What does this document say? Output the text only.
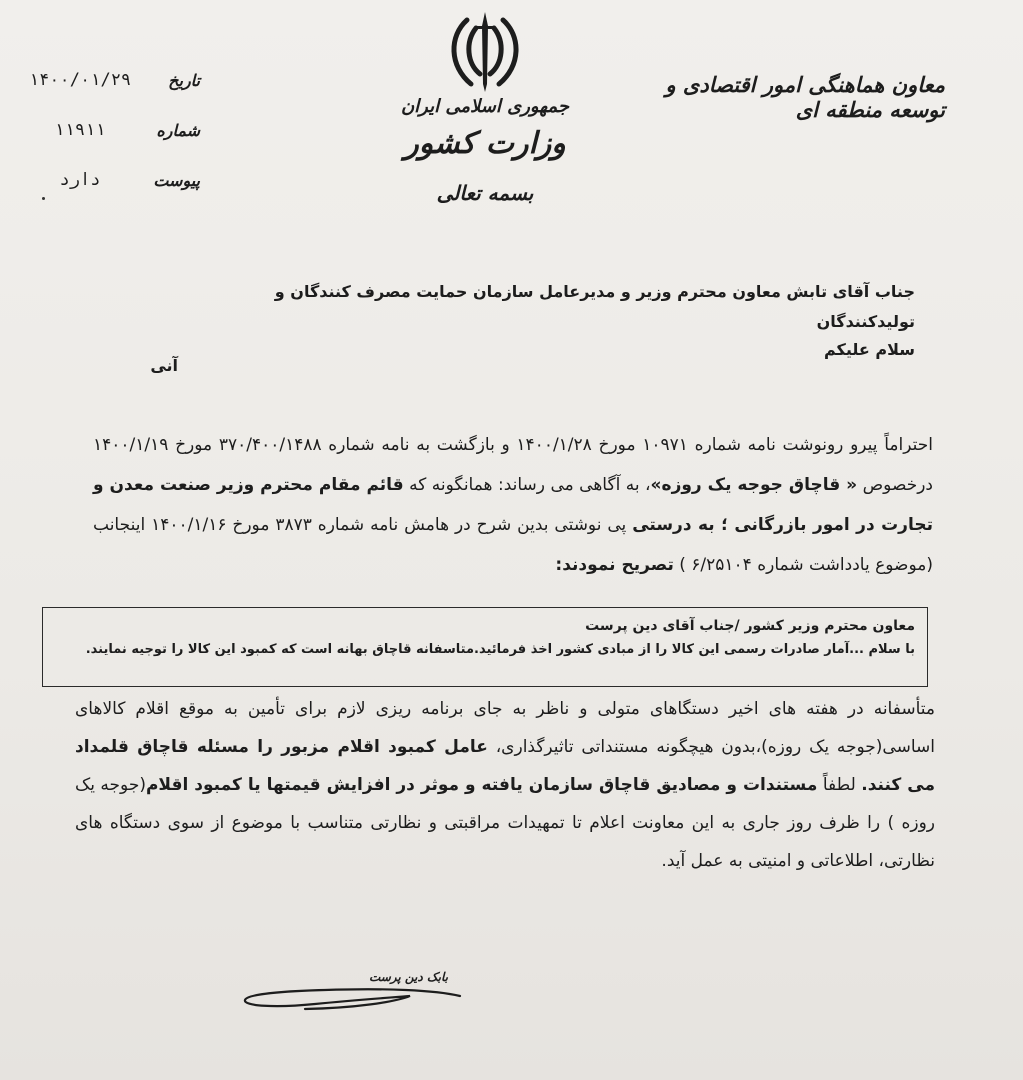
معاون هماهنگی امور اقتصادی و توسعه منطقه ای
جمهوری اسلامی ایران
وزارت کشور
بسمه تعالی
تاریخ
۱۴۰۰/۰۱/۲۹
شماره
۱۱۹۱۱
پیوست
دارد
جناب آقای تابش معاون محترم وزیر و مدیرعامل سازمان حمایت مصرف کنندگان و تولیدکنندگان
سلام علیکم
آنی
احتراماً پیرو رونوشت نامه شماره ۱۰۹۷۱ مورخ ۱۴۰۰/۱/۲۸ و بازگشت به نامه شماره ۳۷۰/۴۰۰/۱۴۸۸ مورخ ۱۴۰۰/۱/۱۹ درخصوص « قاچاق جوجه یک روزه»، به آگاهی می رساند: همانگونه که قائم مقام محترم وزیر صنعت معدن و تجارت در امور بازرگانی ؛ به درستی پی نوشتی بدین شرح در هامش نامه شماره ۳۸۷۳ مورخ ۱۴۰۰/۱/۱۶ اینجانب (موضوع یادداشت شماره ۶/۲۵۱۰۴ ) تصریح نمودند:
معاون محترم وزیر کشور /جناب آقای دین پرست
با سلام ...آمار صادرات رسمی این کالا را از مبادی کشور اخذ فرمائید.متاسفانه قاچاق بهانه است که کمبود این کالا را توجیه نمایند.
متأسفانه در هفته های اخیر دستگاهای متولی و ناظر به جای برنامه ریزی لازم برای تأمین به موقع اقلام کالاهای اساسی(جوجه یک روزه)،بدون هیچگونه مستنداتی تاثیرگذاری، عامل کمبود اقلام مزبور را مسئله قاچاق قلمداد می کنند. لطفاً مستندات و مصادیق قاچاق سازمان یافته و موثر در افزایش قیمتها یا کمبود اقلام(جوجه یک روزه ) را ظرف روز جاری به این معاونت اعلام تا تمهیدات مراقبتی و نظارتی متناسب با موضوع از سوی دستگاه های نظارتی، اطلاعاتی و امنیتی به عمل آید.
بابک دین پرست
